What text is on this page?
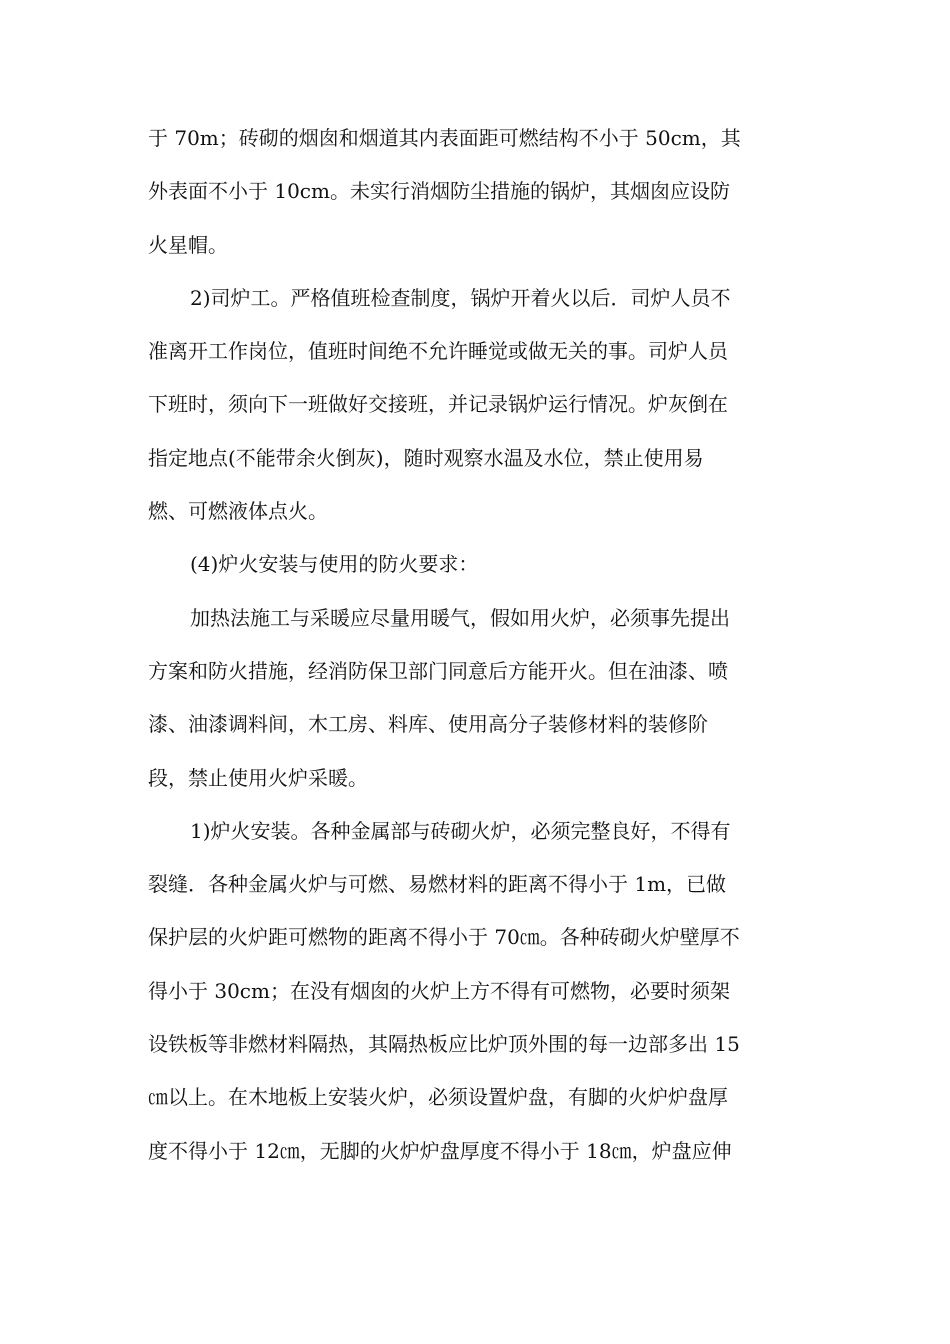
于 70m；砖砌的烟囱和烟道其内表面距可燃结构不小于 50cm，其
外表面不小于 10cm。未实行消烟防尘措施的锅炉，其烟囱应设防
火星帽。
2)司炉工。严格值班检查制度，锅炉开着火以后．司炉人员不
准离开工作岗位，值班时间绝不允许睡觉或做无关的事。司炉人员
下班时，须向下一班做好交接班，并记录锅炉运行情况。炉灰倒在
指定地点(不能带余火倒灰)，随时观察水温及水位，禁止使用易
燃、可燃液体点火。
(4)炉火安装与使用的防火要求：
加热法施工与采暖应尽量用暖气，假如用火炉，必须事先提出
方案和防火措施，经消防保卫部门同意后方能开火。但在油漆、喷
漆、油漆调料间，木工房、料库、使用高分子装修材料的装修阶
段，禁止使用火炉采暖。
1)炉火安装。各种金属部与砖砌火炉，必须完整良好，不得有
裂缝．各种金属火炉与可燃、易燃材料的距离不得小于 1m，已做
保护层的火炉距可燃物的距离不得小于 70㎝。各种砖砌火炉壁厚不
得小于 30cm；在没有烟囱的火炉上方不得有可燃物，必要时须架
设铁板等非燃材料隔热，其隔热板应比炉顶外围的每一边部多出 15
㎝以上。在木地板上安装火炉，必须设置炉盘，有脚的火炉炉盘厚
度不得小于 12㎝，无脚的火炉炉盘厚度不得小于 18㎝，炉盘应伸
